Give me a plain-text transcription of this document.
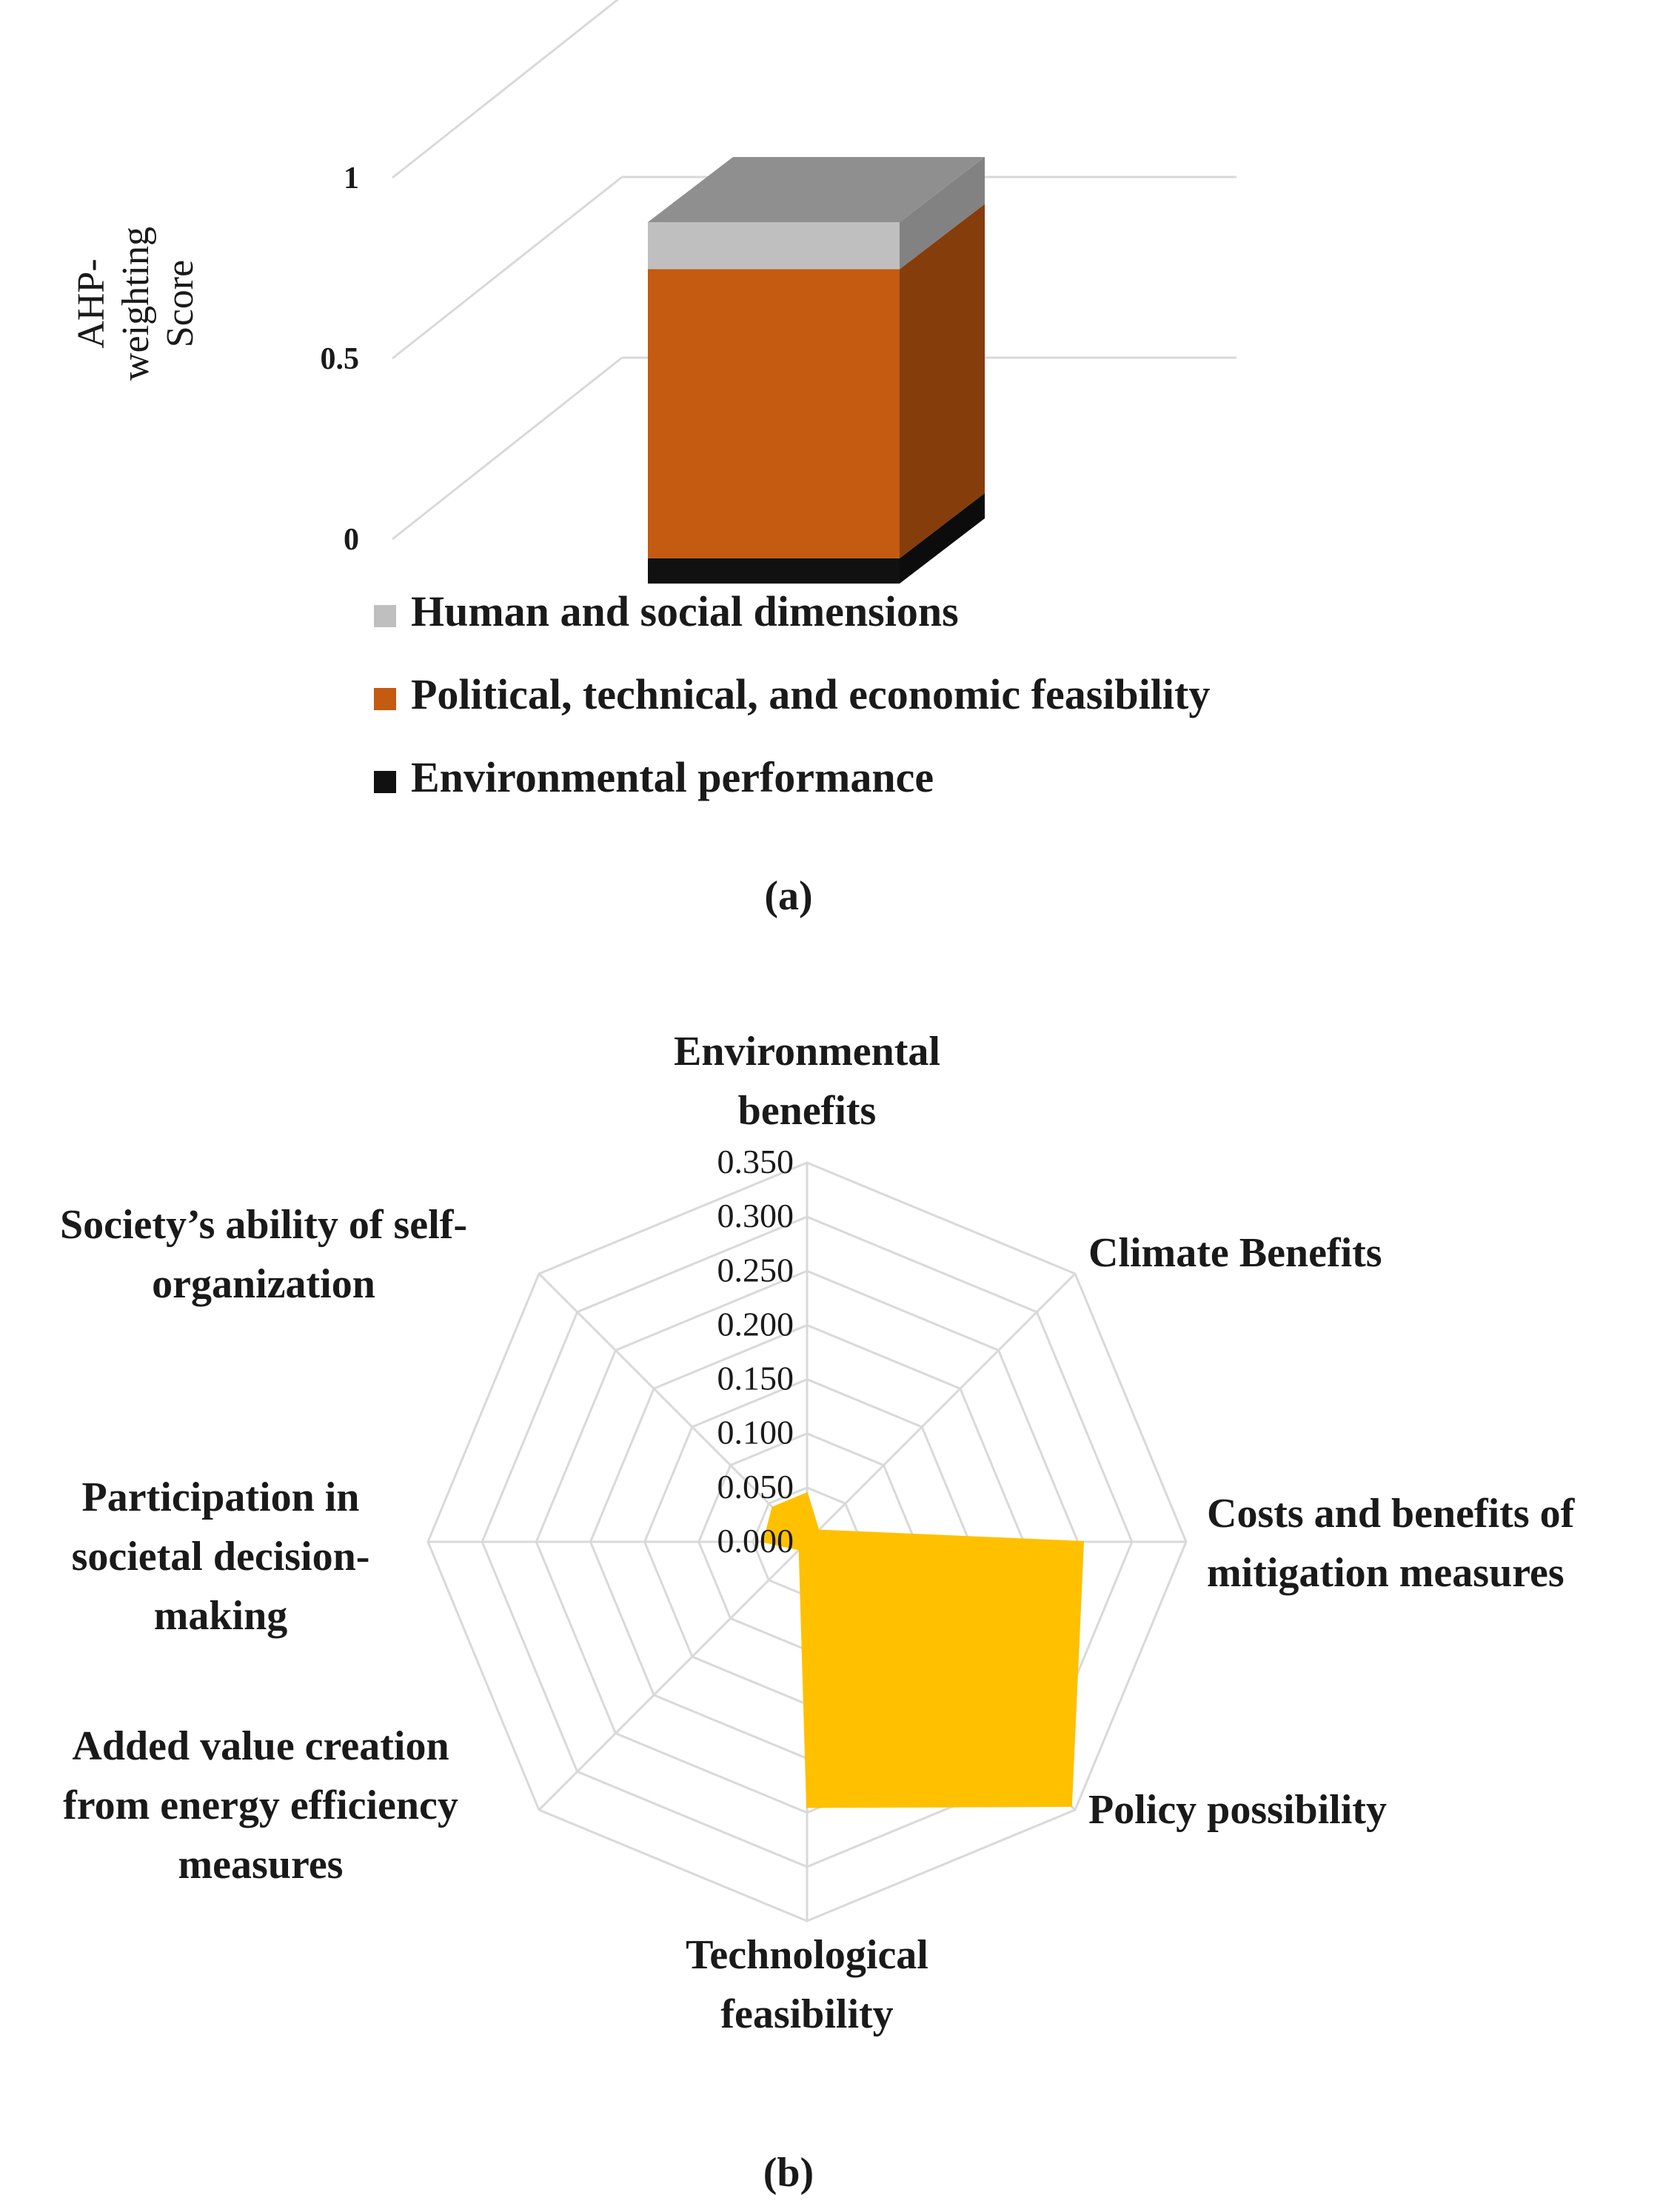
0
0.5
1
AHP- weighting Score
Human and social dimensions
Political, technical, and economic feasibility
Environmental performance
(a)
0.000
0.050
0.100
0.150
0.200
0.250
0.300
0.350
Environmental
benefits
Climate Benefits
Costs and benefits of
mitigation measures
Policy possibility
Technological
feasibility
Added value creation
from energy efficiency
measures
Participation in
societal decision-
making
Society’s ability of self-
organization
(b)
